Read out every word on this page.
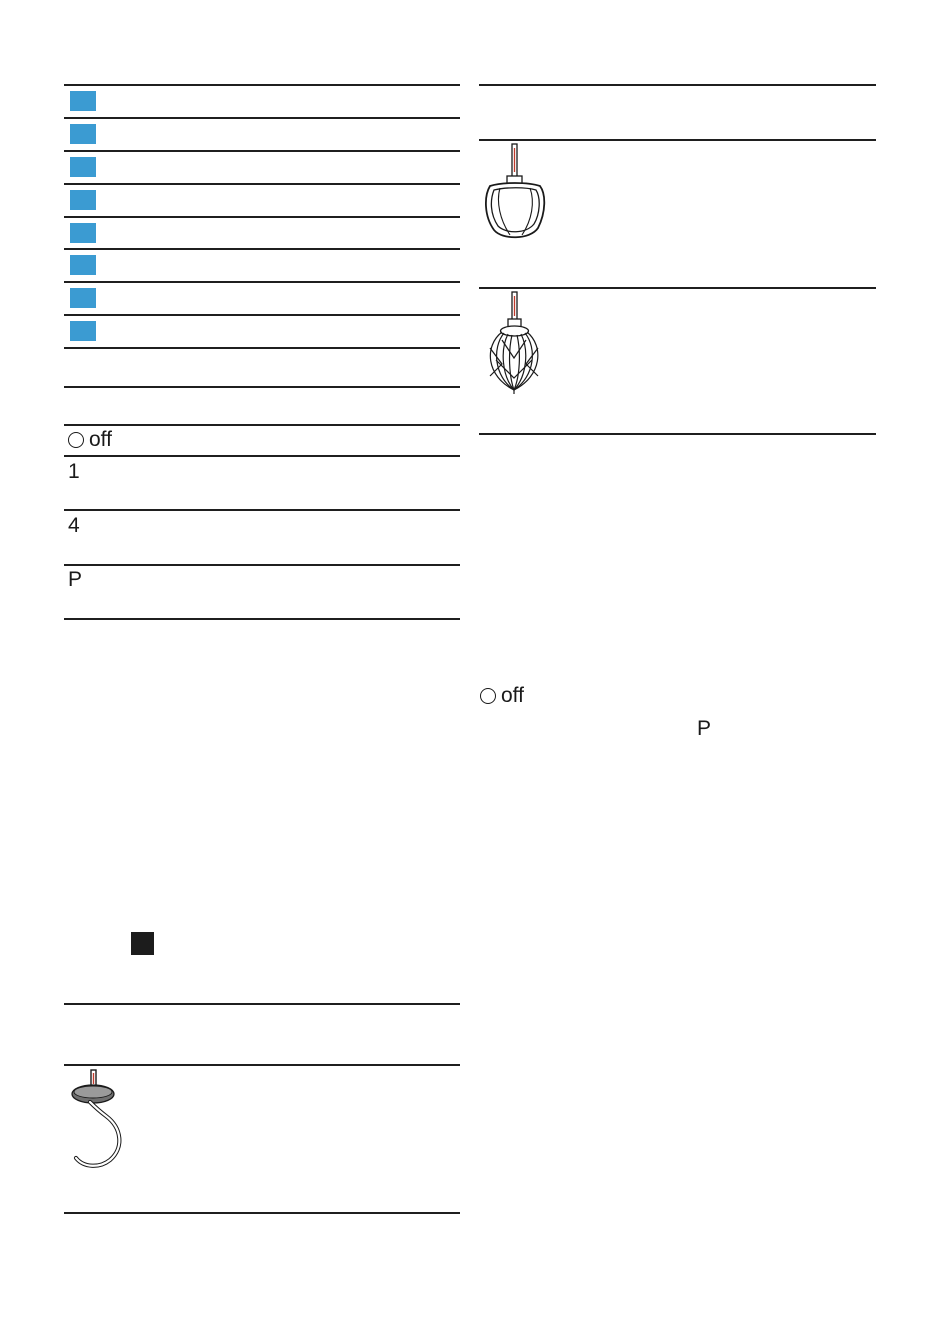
off
1
4
P
off
P
